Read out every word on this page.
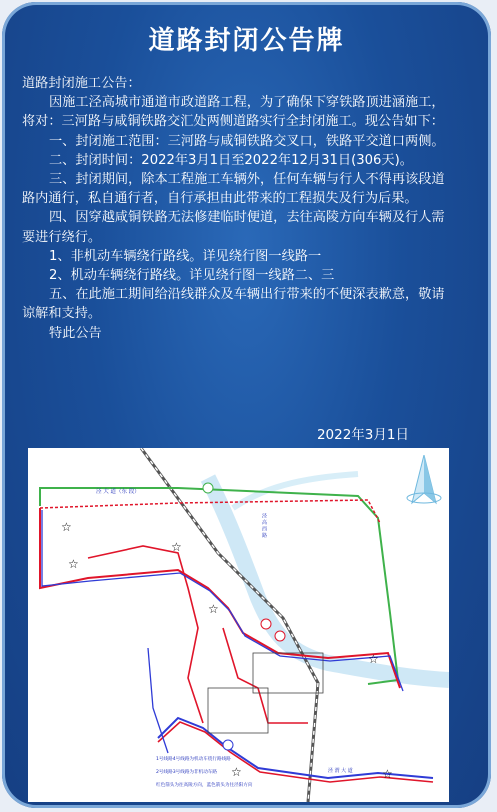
道路封闭公告牌

道路封闭施工公告：

因施工泾高城市通道市政道路工程，为了确保下穿铁路顶进涵施工，将对：三河路与咸铜铁路交汇处两侧道路实行全封闭施工。现公告如下：

一、封闭施工范围：三河路与咸铜铁路交叉口，铁路平交道口两侧。

二、封闭时间：2022年3月1日至2022年12月31日(306天)。

三、封闭期间，除本工程施工车辆外，任何车辆与行人不得再该段道路内通行，私自通行者，自行承担由此带来的工程损失及行为后果。

四、因穿越咸铜铁路无法修建临时便道，去往高陵方向车辆及行人需要进行绕行。

1、非机动车辆绕行路线。详见绕行图一线路一

2、机动车辆绕行路线。详见绕行图一线路二、三

五、在此施工期间给沿线群众及车辆出行带来的不便深表歉意，敬请谅解和支持。

特此公告

2022年3月1日
☆
☆
☆
☆
☆
☆	☆
泾 大 道（东 段）
泾 高 西 路
泾 渭 大 道
1号线路4号线路为机动车绕行路线路
2号线路3号线路为非机动车路
红色箭头为往高陵方向，蓝色箭头为往泾阳方向
